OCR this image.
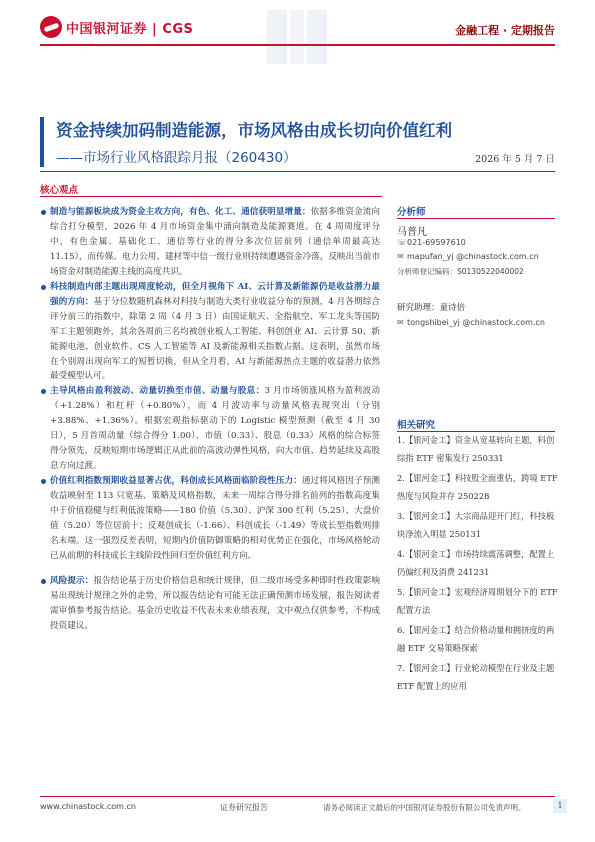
中国银河证券 | CGS	金融工程 · 定期报告
资金持续加码制造能源，市场风格由成长切向价值红利
——市场行业风格跟踪月报（260430）	2026 年 5 月 7 日
核心观点
制造与能源板块成为资金主攻方向，有色、化工、通信获明显增量：依据多维资金流向综合打分模型，2026 年 4 月市场资金集中涌向制造及能源赛道。在 4 周周度评分中，有色金属、基础化工、通信等行业的得分多次位居前列（通信单周最高达 11.15），而传媒、电力公用、建材等中信一级行业则持续遭遇资金冷落，反映出当前市场资金对制造能源主线的高度共识。
科技制造内部主题出现周度轮动，但全月视角下 AI、云计算及新能源仍是收益潜力最强的方向：基于分位数随机森林对科技与制造大类行业收益分布的预测，4 月各期综合评分前三的指数中，除第 2 周（4 月 3 日）由国证航天、全指航空、军工龙头等国防军工主题领跑外，其余各周前三名均被创业板人工智能、科创创业 AI、云计算 50、新能源电池、创业软件、CS 人工智能等 AI 及新能源相关指数占据。这表明，虽然市场在个别周出现向军工的短暂切换，但从全月看，AI 与新能源热点主题的收益潜力依然最受模型认可。
主导风格由盈利波动、动量切换至市值、动量与股息：3 月市场领涨风格为盈利波动（+1.28%）和杠杆（+0.80%），而 4 月波动率与动量风格表现突出（分别+3.88%、+1.36%）。根据宏观指标驱动下的 Logistic 模型预测（截至 4 月 30 日），5 月首周动量（综合得分 1.00）、市值（0.33）、股息（0.33）风格的综合标签得分领先，反映短期市场逻辑正从此前的高波动弹性风格，向大市值、趋势延续及高股息方向过渡。
价值红利指数预期收益显著占优，科创成长风格面临阶段性压力：通过将风格因子预测收益映射至 113 只宽基、策略及风格指数，未来一周综合得分排名前列的指数高度集中于价值稳健与红利低波策略——180 价值（5.30）、沪深 300 红利（5.25）、大盘价值（5.20）等位居前十；反观创成长（-1.66）、科创成长（-1.49）等成长型指数则排名末端。这一强烈反差表明，短期内价值防御策略的相对优势正在强化，市场风格轮动已从前期的科技成长主线阶段性回归至价值红利方向。
风险提示：报告结论基于历史价格信息和统计规律，但二级市场受多种即时性政策影响易出现统计规律之外的走势，所以报告结论有可能无法正确预测市场发展，报告阅读者需审慎参考报告结论。基金历史收益不代表未来业绩表现，文中观点仅供参考，不构成投资建议。
分析师
马普凡
☏021-69597610
✉ mapufan_yj @chinastock.com.cn
分析师登记编码：S0130522040002
研究助理：童诗倍
✉ tongshibei_yj @chinastock.com.cn
相关研究
1.【银河金工】资金从宽基转向主题，料创综指 ETF 密集发行 250331
2.【银河金工】科技股全面重估，跨境 ETF 热度与风险并存 250228
3.【银河金工】大宗商品迎开门红，科技板块净流入明显 250131
4.【银河金工】市场持续震荡调整，配置上仍偏红利及消费 241231
5.【银河金工】宏观经济周期划分下的 ETF 配置方法
6.【银河金工】结合价格动量和拥挤度的两融 ETF 交易策略探索
7.【银河金工】行业轮动模型在行业及主题 ETF 配置上的应用
www.chinastock.com.cn	证券研究报告	请务必阅读正文最后的中国银河证券股份有限公司免责声明。	1
